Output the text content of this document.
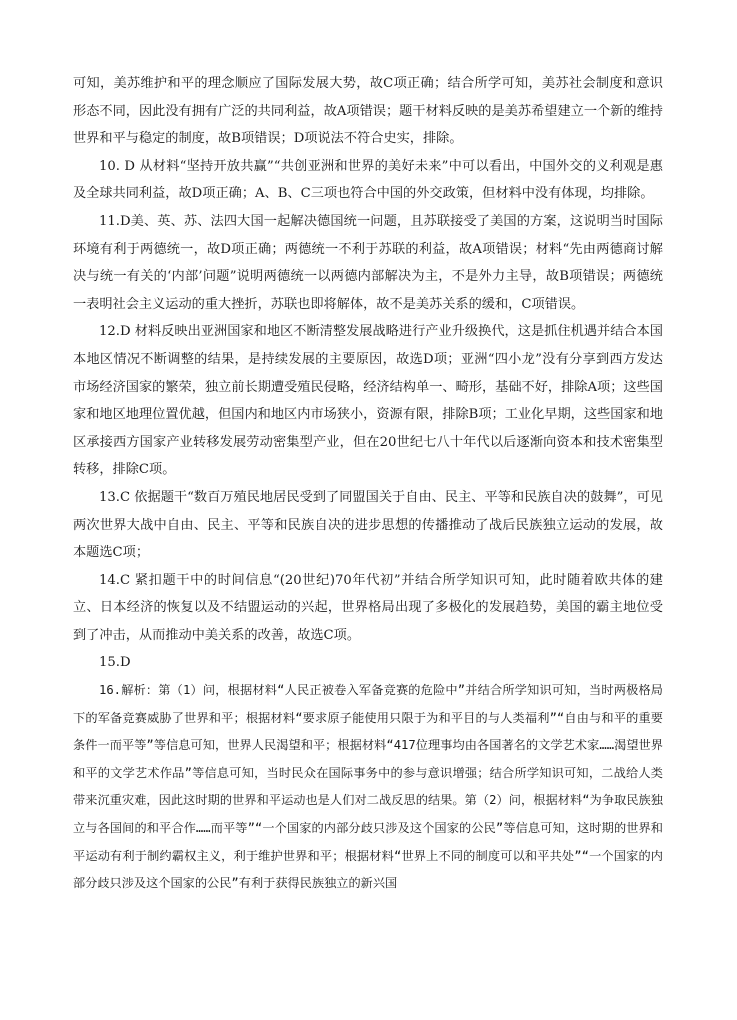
可知，美苏维护和平的理念顺应了国际发展大势，故C项正确；结合所学可知，美苏社会制度和意识形态不同，因此没有拥有广泛的共同利益，故A项错误；题干材料反映的是美苏希望建立一个新的维持世界和平与稳定的制度，故B项错误；D项说法不符合史实，排除。

10. D 从材料“坚持开放共赢”“共创亚洲和世界的美好未来”中可以看出，中国外交的义利观是惠及全球共同利益，故D项正确；A、B、C三项也符合中国的外交政策，但材料中没有体现，均排除。

11.D美、英、苏、法四大国一起解决德国统一问题，且苏联接受了美国的方案，这说明当时国际环境有利于两德统一，故D项正确；两德统一不利于苏联的利益，故A项错误；材料“先由两德商讨解决与统一有关的‘内部’问题”说明两德统一以两德内部解决为主，不是外力主导，故B项错误；两德统一表明社会主义运动的重大挫折，苏联也即将解体，故不是美苏关系的缓和，C项错误。

12.D 材料反映出亚洲国家和地区不断清整发展战略进行产业升级换代，这是抓住机遇并结合本国本地区情况不断调整的结果，是持续发展的主要原因，故选D项；亚洲“四小龙”没有分享到西方发达市场经济国家的繁荣，独立前长期遭受殖民侵略，经济结构单一、畸形，基础不好，排除A项；这些国家和地区地理位置优越，但国内和地区内市场狭小，资源有限，排除B项；工业化早期，这些国家和地区承接西方国家产业转移发展劳动密集型产业，但在20世纪七八十年代以后逐渐向资本和技术密集型转移，排除C项。

13.C 依据题干“数百万殖民地居民受到了同盟国关于自由、民主、平等和民族自决的鼓舞”，可见两次世界大战中自由、民主、平等和民族自决的进步思想的传播推动了战后民族独立运动的发展，故本题选C项；

14.C 紧扣题干中的时间信息“(20世纪)70年代初”并结合所学知识可知，此时随着欧共体的建立、日本经济的恢复以及不结盟运动的兴起，世界格局出现了多极化的发展趋势，美国的霸主地位受到了冲击，从而推动中美关系的改善，故选C项。

15.D

16.解析：第（1）问，根据材料“人民正被卷入军备竞赛的危险中”并结合所学知识可知，当时两极格局下的军备竞赛威胁了世界和平；根据材料“要求原子能使用只限于为和平目的与人类福利”“自由与和平的重要条件一而平等”等信息可知，世界人民渴望和平；根据材料“417位理事均由各国著名的文学艺术家……渴望世界和平的文学艺术作品”等信息可知，当时民众在国际事务中的参与意识增强；结合所学知识可知，二战给人类带来沉重灾难，因此这时期的世界和平运动也是人们对二战反思的结果。第（2）问，根据材料“为争取民族独立与各国间的和平合作……而平等”“一个国家的内部分歧只涉及这个国家的公民”等信息可知，这时期的世界和平运动有利于制约霸权主义，利于维护世界和平；根据材料“世界上不同的制度可以和平共处”“一个国家的内部分歧只涉及这个国家的公民”有利于获得民族独立的新兴国
